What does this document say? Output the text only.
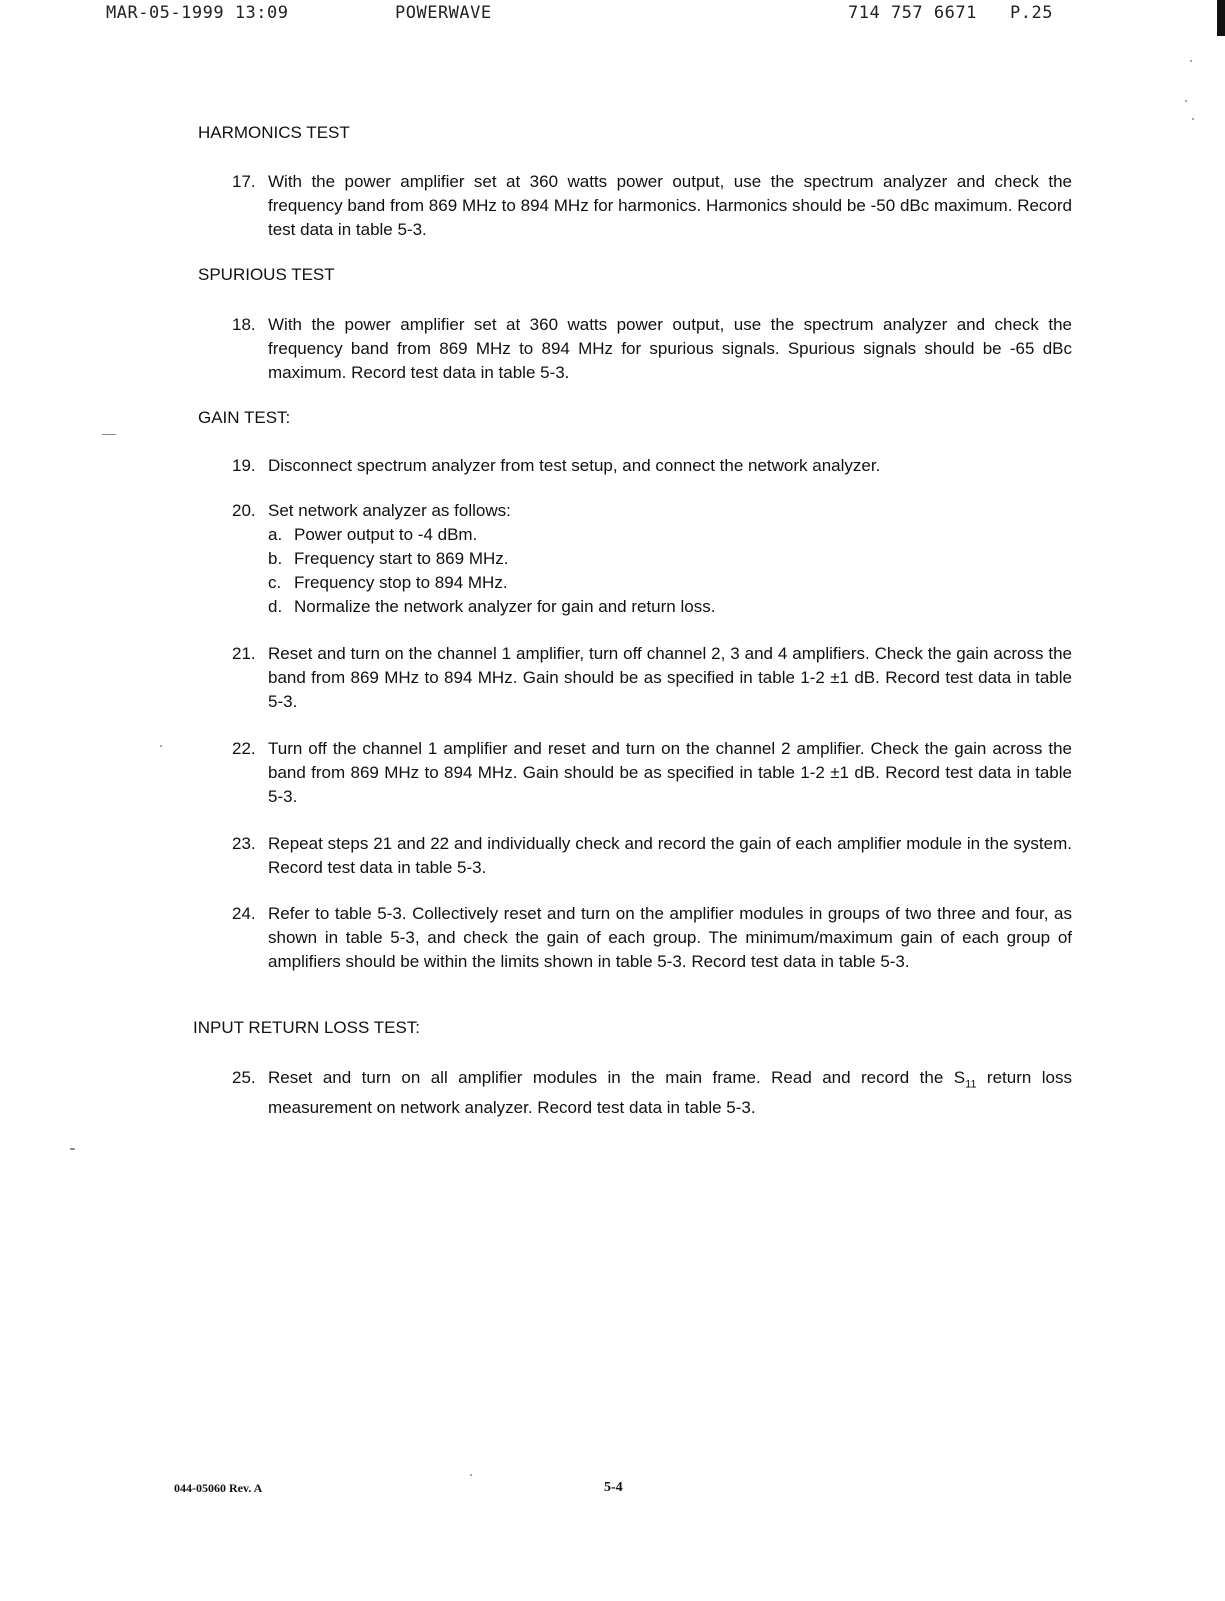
MAR-05-1999 13:09	POWERWAVE	714 757 6671 P.25
HARMONICS TEST
17. With the power amplifier set at 360 watts power output, use the spectrum analyzer and check the frequency band from 869 MHz to 894 MHz for harmonics. Harmonics should be -50 dBc maximum. Record test data in table 5-3.
SPURIOUS TEST
18. With the power amplifier set at 360 watts power output, use the spectrum analyzer and check the frequency band from 869 MHz to 894 MHz for spurious signals. Spurious signals should be -65 dBc maximum. Record test data in table 5-3.
GAIN TEST:
19. Disconnect spectrum analyzer from test setup, and connect the network analyzer.
20. Set network analyzer as follows:
a. Power output to -4 dBm.
b. Frequency start to 869 MHz.
c. Frequency stop to 894 MHz.
d. Normalize the network analyzer for gain and return loss.
21. Reset and turn on the channel 1 amplifier, turn off channel 2, 3 and 4 amplifiers. Check the gain across the band from 869 MHz to 894 MHz. Gain should be as specified in table 1-2 ±1 dB. Record test data in table 5-3.
22. Turn off the channel 1 amplifier and reset and turn on the channel 2 amplifier. Check the gain across the band from 869 MHz to 894 MHz. Gain should be as specified in table 1-2 ±1 dB. Record test data in table 5-3.
23. Repeat steps 21 and 22 and individually check and record the gain of each amplifier module in the system. Record test data in table 5-3.
24. Refer to table 5-3. Collectively reset and turn on the amplifier modules in groups of two three and four, as shown in table 5-3, and check the gain of each group. The minimum/maximum gain of each group of amplifiers should be within the limits shown in table 5-3. Record test data in table 5-3.
INPUT RETURN LOSS TEST:
25. Reset and turn on all amplifier modules in the main frame. Read and record the $S_{11}$ return loss measurement on network analyzer. Record test data in table 5-3.
044-05060 Rev. A	5-4
